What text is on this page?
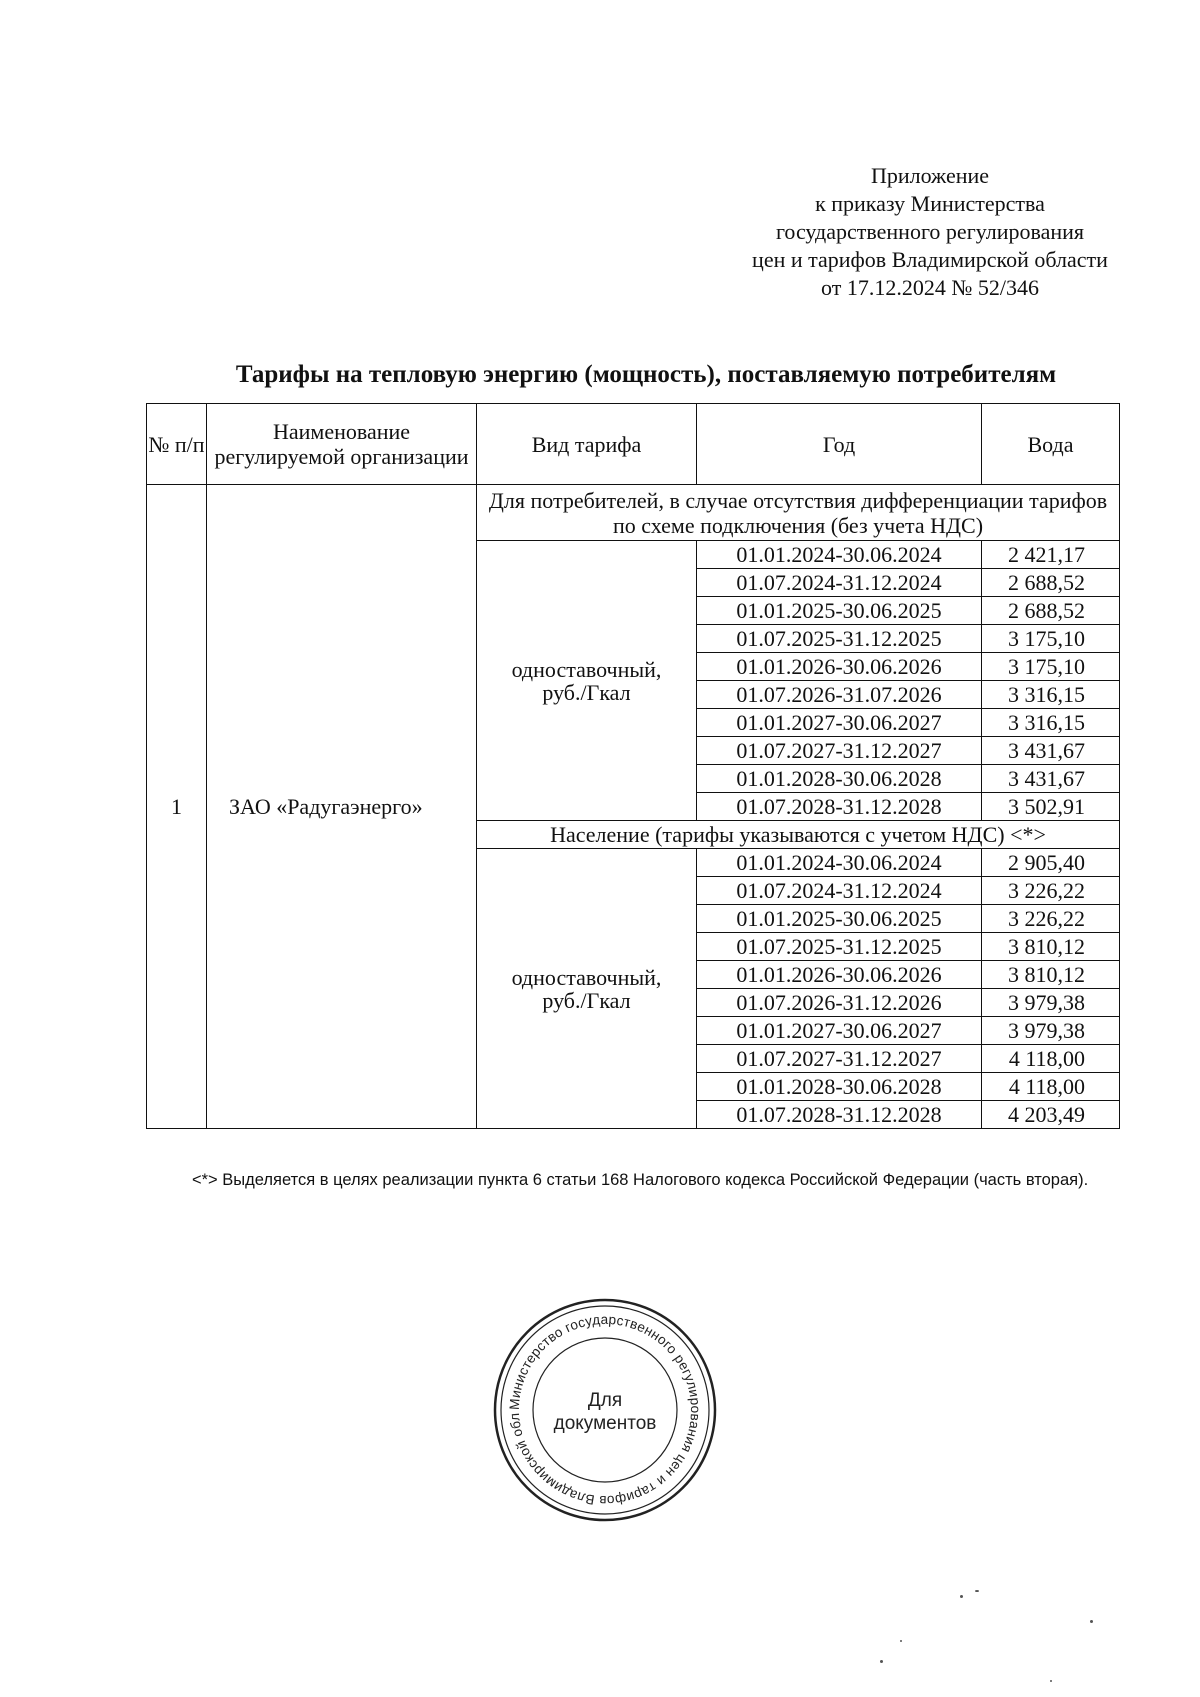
Приложение
к приказу Министерства
государственного регулирования
цен и тарифов Владимирской области
от 17.12.2024 № 52/346
Тарифы на тепловую энергию (мощность), поставляемую потребителям
№ п/п	Наименование регулируемой организации	Вид тарифа	Год	Вода
1	ЗАО «Радугаэнерго»	Для потребителей, в случае отсутствия дифференциации тарифов по схеме подключения (без учета НДС)		
		одноставочный, руб./Гкал	01.01.2024-30.06.2024	2 421,17
			01.07.2024-31.12.2024	2 688,52
			01.01.2025-30.06.2025	2 688,52
			01.07.2025-31.12.2025	3 175,10
			01.01.2026-30.06.2026	3 175,10
			01.07.2026-31.07.2026	3 316,15
			01.01.2027-30.06.2027	3 316,15
			01.07.2027-31.12.2027	3 431,67
			01.01.2028-30.06.2028	3 431,67
			01.07.2028-31.12.2028	3 502,91
		Население (тарифы указываются с учетом НДС) <*>		
		одноставочный, руб./Гкал	01.01.2024-30.06.2024	2 905,40
			01.07.2024-31.12.2024	3 226,22
			01.01.2025-30.06.2025	3 226,22
			01.07.2025-31.12.2025	3 810,12
			01.01.2026-30.06.2026	3 810,12
			01.07.2026-31.12.2026	3 979,38
			01.01.2027-30.06.2027	3 979,38
			01.07.2027-31.12.2027	4 118,00
			01.01.2028-30.06.2028	4 118,00
			01.07.2028-31.12.2028	4 203,49
<*> Выделяется в целях реализации пункта 6 статьи 168 Налогового кодекса Российской Федерации (часть вторая).
Министерство государственного регулирования цен и тарифов Владимирской обл
Для
документов
